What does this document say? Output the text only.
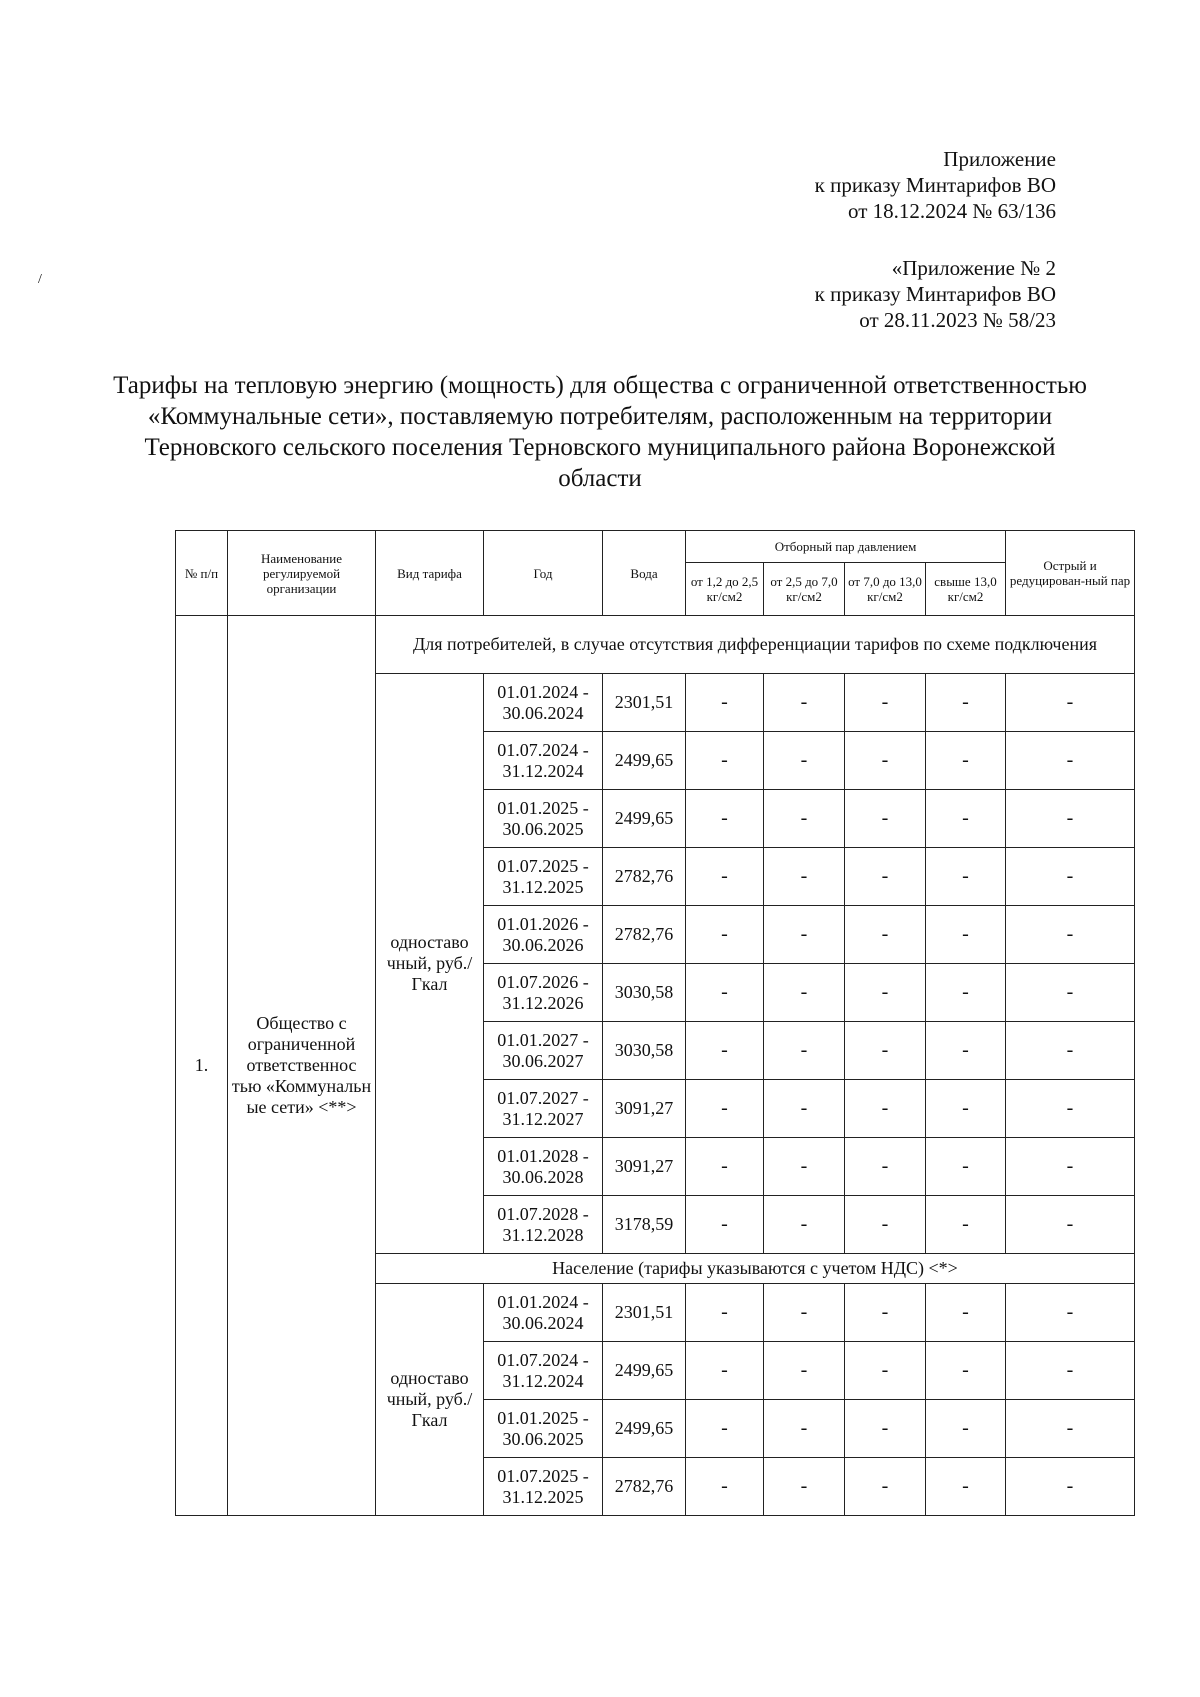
Приложение
к приказу Минтарифов ВО
от 18.12.2024 № 63/136
«Приложение № 2
к приказу Минтарифов ВО
от 28.11.2023 № 58/23
/
Тарифы на тепловую энергию (мощность) для общества с ограниченной ответственностью «Коммунальные сети», поставляемую потребителям, расположенным на территории Терновского сельского поселения Терновского муниципального района Воронежской области
№ п/п	Наименование регулируемой организации	Вид тарифа	Год	Вода	Отборный пар давлением				Острый и редуцирован-ный пар
					от 1,2 до 2,5 кг/см2	от 2,5 до 7,0 кг/см2	от 7,0 до 13,0 кг/см2	свыше 13,0 кг/см2	
1.	Общество с ограниченной ответственнос тью «Коммунальн ые сети» <**>	Для потребителей, в случае отсутствия дифференциации тарифов по схеме подключения							
		одноставо чный, руб./Гкал	01.01.2024 - 30.06.2024	2301,51	-	-	-	-	-
			01.07.2024 - 31.12.2024	2499,65	-	-	-	-	-
			01.01.2025 - 30.06.2025	2499,65	-	-	-	-	-
			01.07.2025 - 31.12.2025	2782,76	-	-	-	-	-
			01.01.2026 - 30.06.2026	2782,76	-	-	-	-	-
			01.07.2026 - 31.12.2026	3030,58	-	-	-	-	-
			01.01.2027 - 30.06.2027	3030,58	-	-	-	-	-
			01.07.2027 - 31.12.2027	3091,27	-	-	-	-	-
			01.01.2028 - 30.06.2028	3091,27	-	-	-	-	-
			01.07.2028 - 31.12.2028	3178,59	-	-	-	-	-
		Население (тарифы указываются с учетом НДС) <*>							
		одноставо чный, руб./Гкал	01.01.2024 - 30.06.2024	2301,51	-	-	-	-	-
			01.07.2024 - 31.12.2024	2499,65	-	-	-	-	-
			01.01.2025 - 30.06.2025	2499,65	-	-	-	-	-
			01.07.2025 - 31.12.2025	2782,76	-	-	-	-	-
